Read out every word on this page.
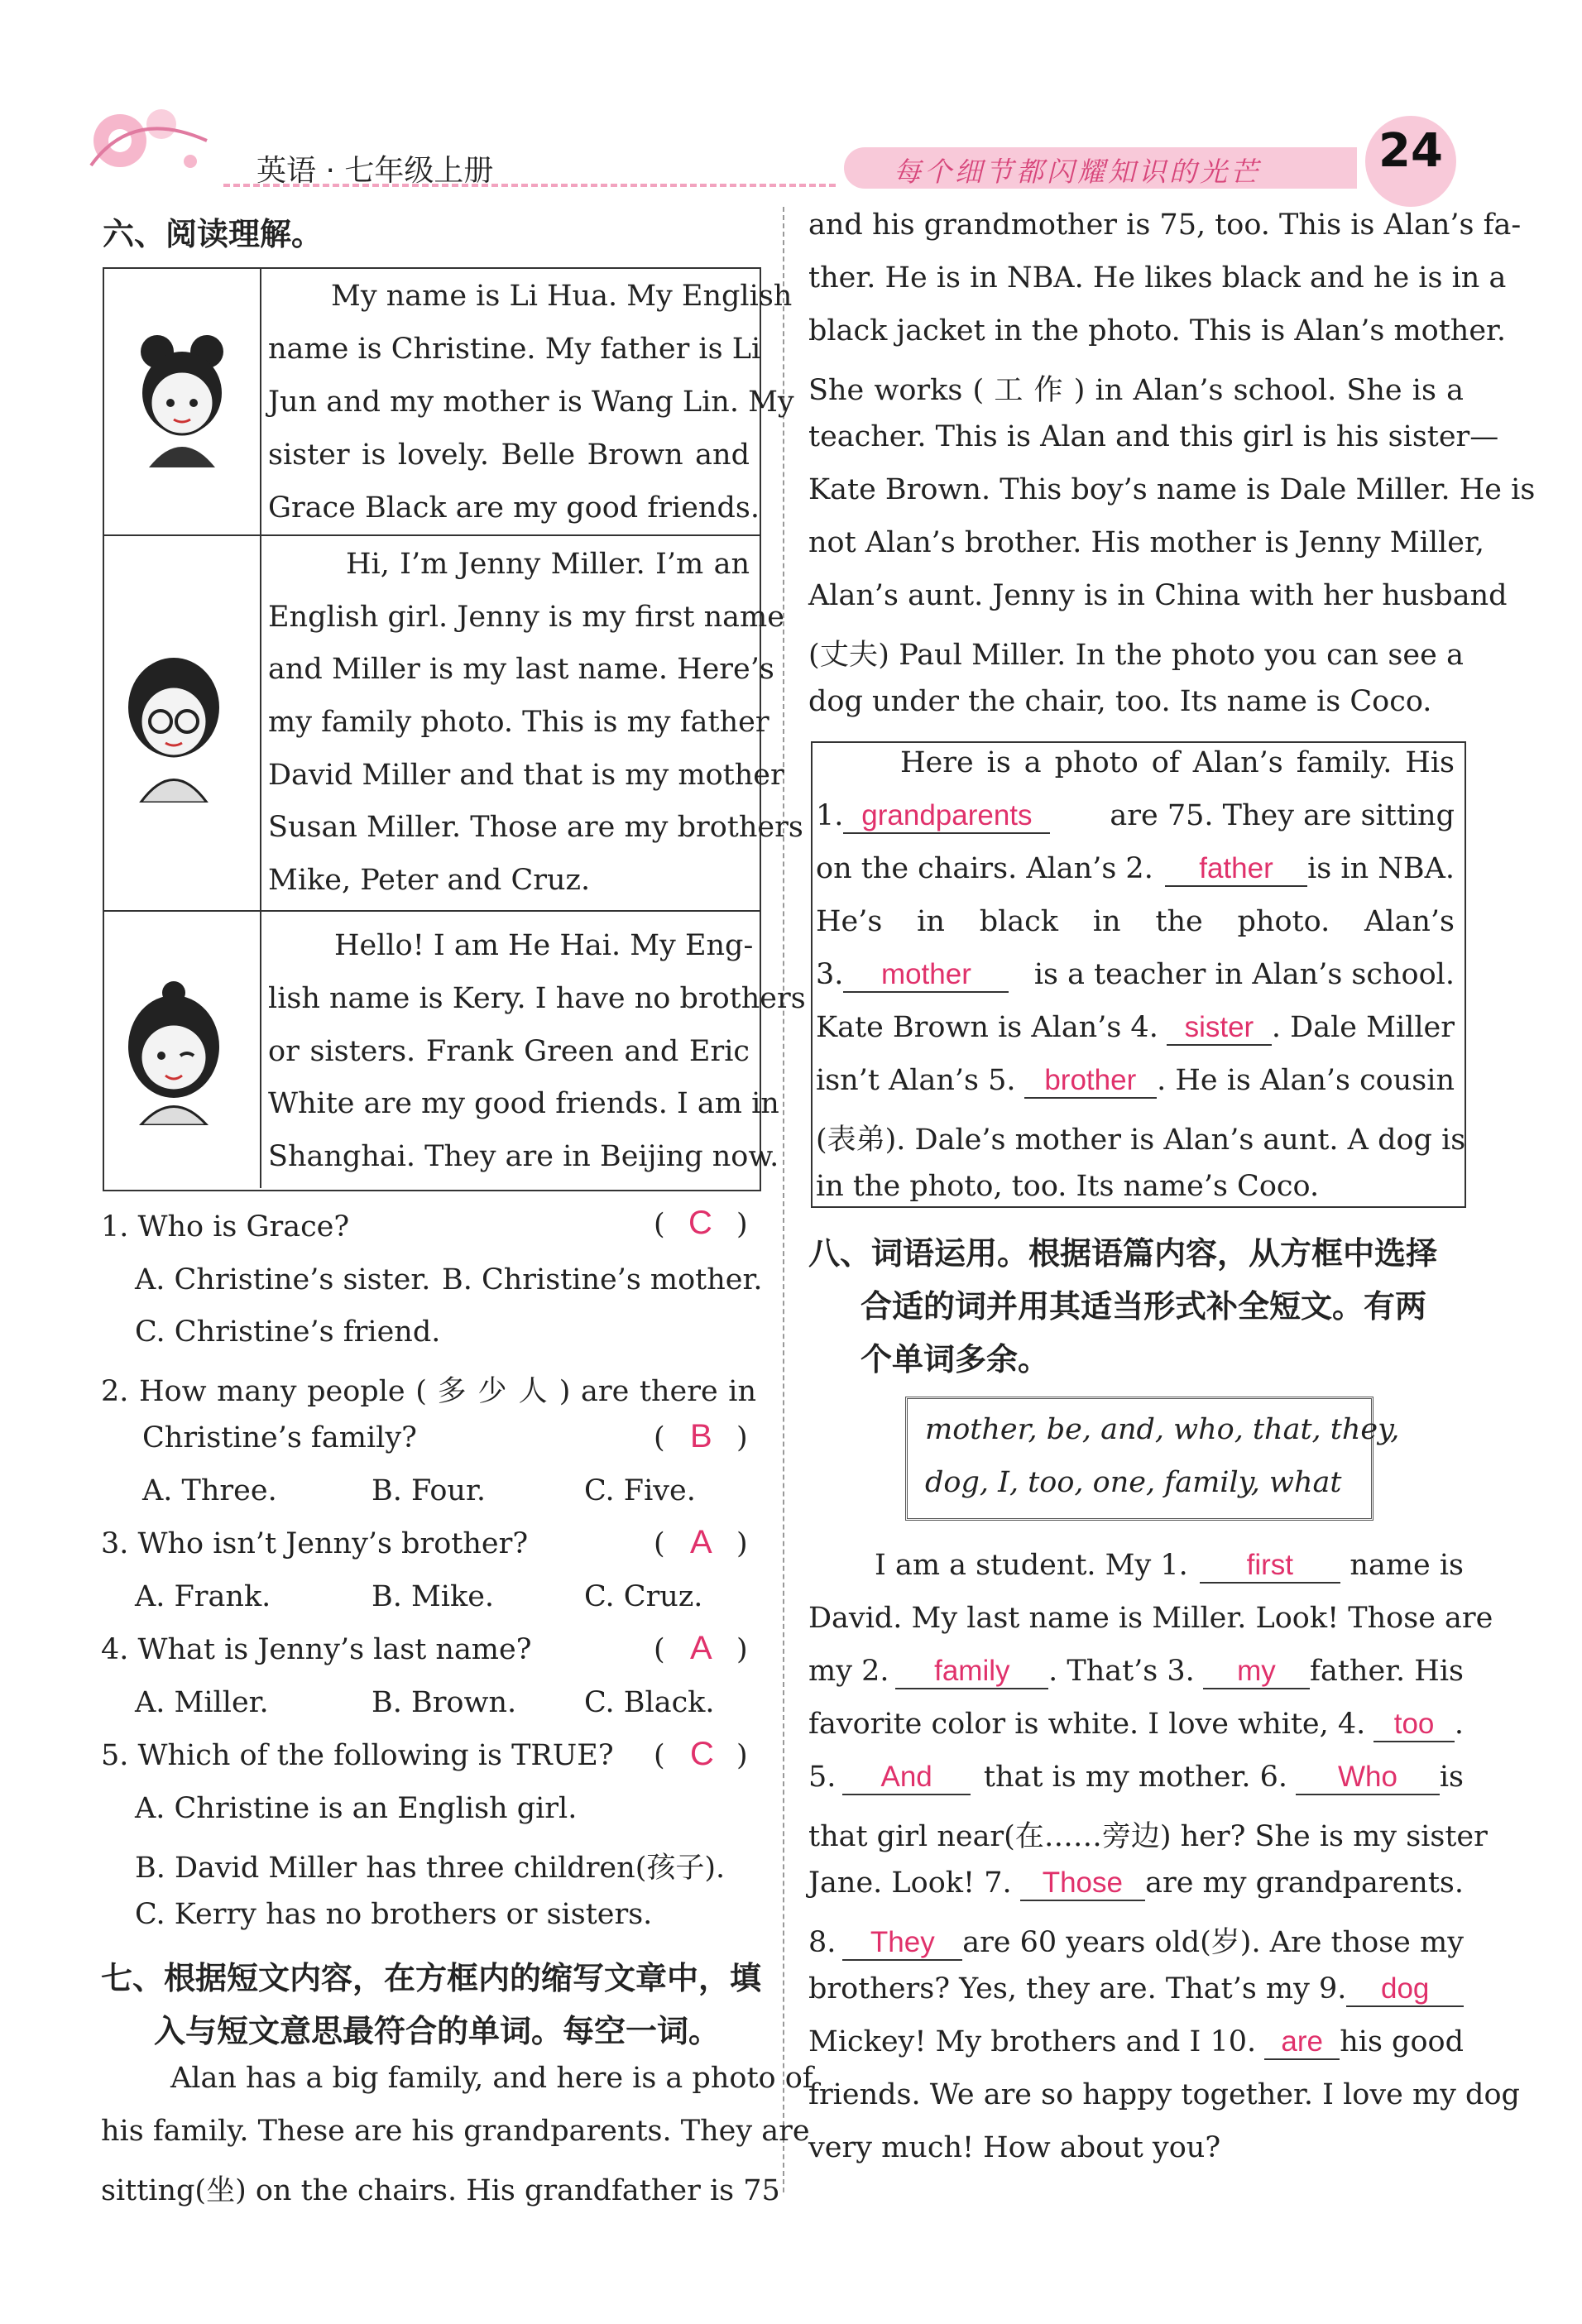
英语 · 七年级上册	每个细节都闪耀知识的光芒	24
六、阅读理解。
My name is Li Hua. My English
name is Christine. My father is Li
Jun and my mother is Wang Lin. My
sister is lovely. Belle Brown and
Grace Black are my good friends.
Hi, I’m Jenny Miller. I’m an
English girl. Jenny is my first name
and Miller is my last name. Here’s
my family photo. This is my father
David Miller and that is my mother
Susan Miller. Those are my brothers
Mike, Peter and Cruz.
Hello! I am He Hai. My Eng-
lish name is Kery. I have no brothers
or sisters. Frank Green and Eric
White are my good friends. I am in
Shanghai. They are in Beijing now.
1. Who is Grace?	( C )
A. Christine’s sister. B. Christine’s mother.
C. Christine’s friend.
2. How many people ( 多 少 人 ) are there in
Christine’s family?	( B )
A. Three.	B. Four.	C. Five.
3. Who isn’t Jenny’s brother?	( A )
A. Frank.	B. Mike.	C. Cruz.
4. What is Jenny’s last name?	( A )
A. Miller.	B. Brown. C. Black.
5. Which of the following is TRUE? ( C )
A. Christine is an English girl.
B. David Miller has three children(孩子).
C. Kerry has no brothers or sisters.
七、根据短文内容，在方框内的缩写文章中，填
入与短文意思最符合的单词。每空一词。
Alan has a big family, and here is a photo of
his family. These are his grandparents. They are
sitting(坐) on the chairs. His grandfather is 75
and his grandmother is 75, too. This is Alan’s fa-
ther. He is in NBA. He likes black and he is in a
black jacket in the photo. This is Alan’s mother.
She works ( 工 作 ) in Alan’s school. She is a
teacher. This is Alan and this girl is his sister—
Kate Brown. This boy’s name is Dale Miller. He is
not Alan’s brother. His mother is Jenny Miller,
Alan’s aunt. Jenny is in China with her husband
(丈夫) Paul Miller. In the photo you can see a
dog under the chair, too. Its name is Coco.
Here is a photo of Alan’s family. His
1. grandparents	are 75. They are sitting
on the chairs. Alan’s 2.	father	is in NBA.
He’s in black in the photo. Alan’s
3.	mother	is a teacher in Alan’s school.
Kate Brown is Alan’s 4. sister . Dale Miller
isn’t Alan’s 5. brother . He is Alan’s cousin
(表弟). Dale’s mother is Alan’s aunt. A dog is
in the photo, too. Its name’s Coco.
八、词语运用。根据语篇内容，从方框中选择
合适的词并用其适当形式补全短文。有两
个单词多余。
mother, be, and, who, that, they,
dog, I, too, one, family, what
I am a student. My 1.	first	name is
David. My last name is Miller. Look! Those are
my 2.	family	. That’s 3.	my	father. His
favorite color is white. I love white, 4. too .
5.	And	that is my mother. 6.	Who	is
that girl near(在……旁边) her? She is my sister
Jane. Look! 7.	Those are my grandparents.
8.	They are 60 years old(岁). Are those my
brothers? Yes, they are. That’s my 9.	dog
Mickey! My brothers and I 10. are his good
friends. We are so happy together. I love my dog
very much! How about you?
